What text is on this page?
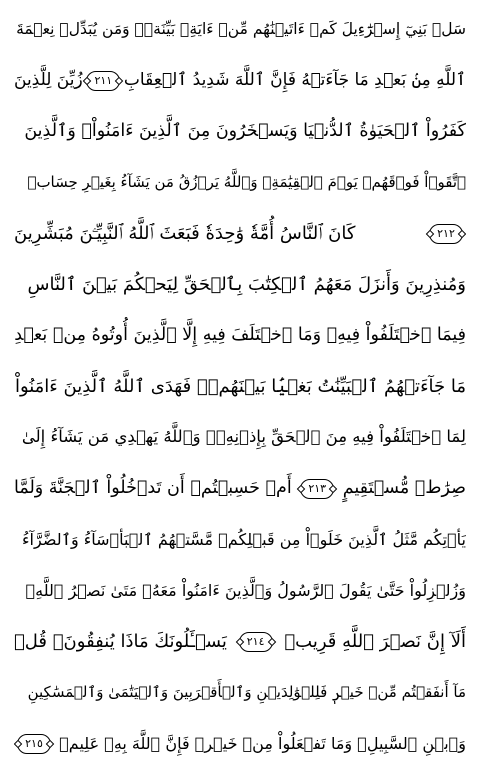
سَلۡ بَنِيٓ إِسۡرَٰٓءِيلَ كَمۡ ءَاتَيۡنَٰهُم مِّنۡ ءَايَةِۭ بَيِّنَةٖۗ وَمَن يُبَدِّلۡ نِعۡمَةَ
ٱللَّهِ مِنۢ بَعۡدِ مَا جَآءَتۡهُ فَإِنَّ ٱللَّهَ شَدِيدُ ٱلۡعِقَابِ
٢١١
زُيِّنَ لِلَّذِينَ
كَفَرُواْ ٱلۡحَيَوٰةُ ٱلدُّنۡيَا وَيَسۡخَرُونَ مِنَ ٱلَّذِينَ ءَامَنُواْۘ وَٱلَّذِينَ
ٱتَّقَوۡاْ فَوۡقَهُمۡ يَوۡمَ ٱلۡقِيَٰمَةِۗ وَٱللَّهُ يَرۡزُقُ مَن يَشَآءُ بِغَيۡرِ حِسَابٖ
٢١٢
كَانَ ٱلنَّاسُ أُمَّةٗ وَٰحِدَةٗ فَبَعَثَ ٱللَّهُ ٱلنَّبِيِّـۧنَ مُبَشِّرِينَ
وَمُنذِرِينَ وَأَنزَلَ مَعَهُمُ ٱلۡكِتَٰبَ بِٱلۡحَقِّ لِيَحۡكُمَ بَيۡنَ ٱلنَّاسِ
فِيمَا ٱخۡتَلَفُواْ فِيهِۚ وَمَا ٱخۡتَلَفَ فِيهِ إِلَّا ٱلَّذِينَ أُوتُوهُ مِنۢ بَعۡدِ
مَا جَآءَتۡهُمُ ٱلۡبَيِّنَٰتُ بَغۡيَۢا بَيۡنَهُمۡۖ فَهَدَى ٱللَّهُ ٱلَّذِينَ ءَامَنُواْ
لِمَا ٱخۡتَلَفُواْ فِيهِ مِنَ ٱلۡحَقِّ بِإِذۡنِهِۦۗ وَٱللَّهُ يَهۡدِي مَن يَشَآءُ إِلَىٰ
صِرَٰطٖ مُّسۡتَقِيمٍ
٢١٣
أَمۡ حَسِبۡتُمۡ أَن تَدۡخُلُواْ ٱلۡجَنَّةَ وَلَمَّا
يَأۡتِكُم مَّثَلُ ٱلَّذِينَ خَلَوۡاْ مِن قَبۡلِكُمۖ مَّسَّتۡهُمُ ٱلۡبَأۡسَآءُ وَٱلضَّرَّآءُ
وَزُلۡزِلُواْ حَتَّىٰ يَقُولَ ٱلرَّسُولُ وَٱلَّذِينَ ءَامَنُواْ مَعَهُۥ مَتَىٰ نَصۡرُ ٱللَّهِۗ
أَلَآ إِنَّ نَصۡرَ ٱللَّهِ قَرِيبٞ
٢١٤
يَسۡـَٔلُونَكَ مَاذَا يُنفِقُونَۖ قُلۡ
مَآ أَنفَقۡتُم مِّنۡ خَيۡرٖ فَلِلۡوَٰلِدَيۡنِ وَٱلۡأَقۡرَبِينَ وَٱلۡيَتَٰمَىٰ وَٱلۡمَسَٰكِينِ
وَٱبۡنِ ٱلسَّبِيلِۗ وَمَا تَفۡعَلُواْ مِنۡ خَيۡرٖ فَإِنَّ ٱللَّهَ بِهِۦ عَلِيمٞ
٢١٥
